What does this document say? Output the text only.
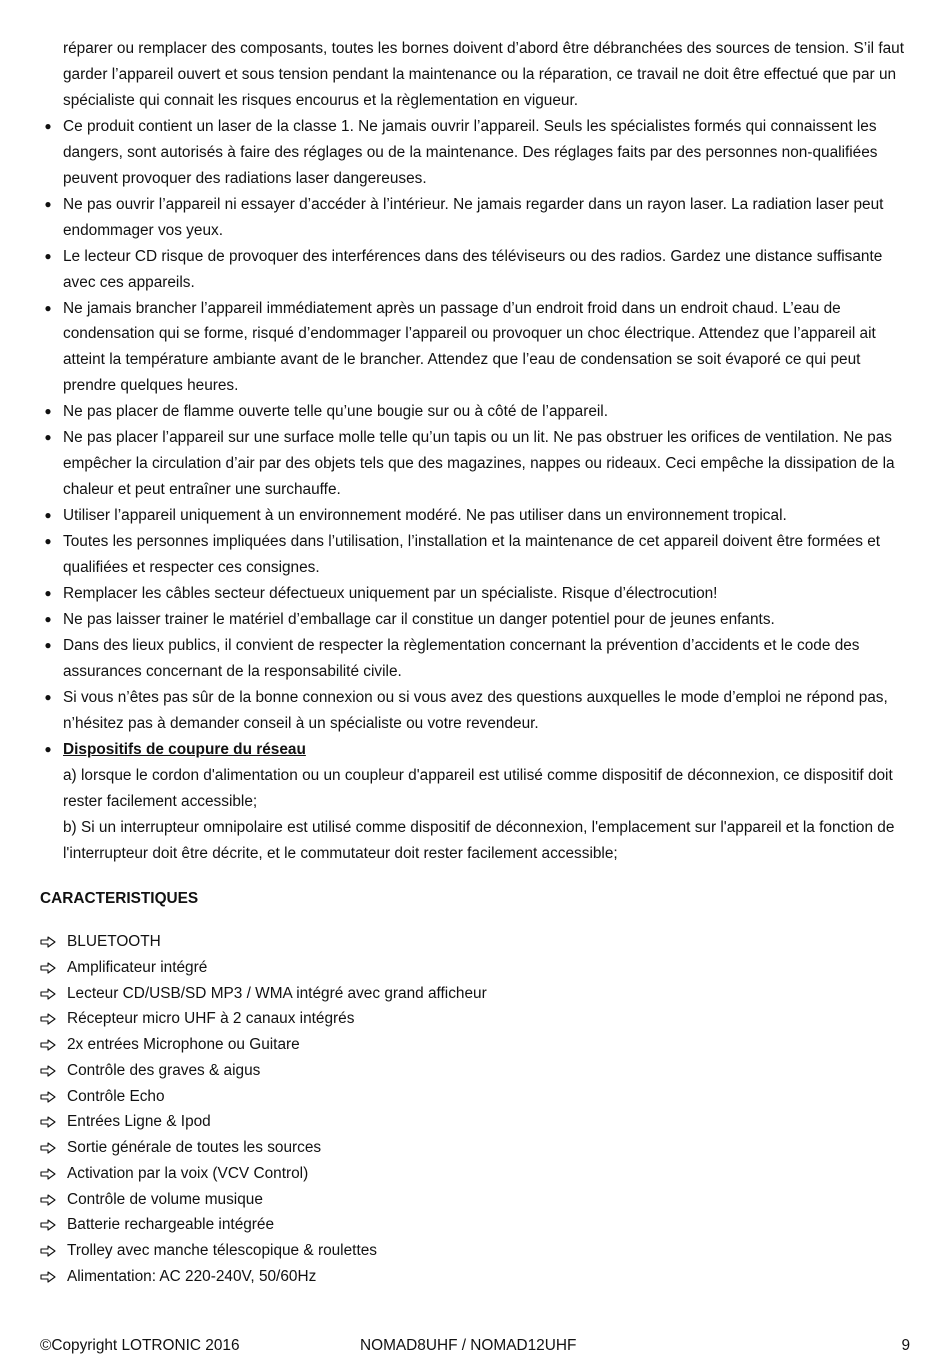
réparer ou remplacer des composants, toutes les bornes doivent d’abord être débranchées des sources de tension. S’il faut garder l’appareil ouvert et sous tension pendant la maintenance ou la réparation, ce travail ne doit être effectué que par un spécialiste qui connait les risques encourus et la règlementation en vigueur.
● Ce produit contient un laser de la classe 1. Ne jamais ouvrir l’appareil. Seuls les spécialistes formés qui connaissent les dangers, sont autorisés à faire des réglages ou de la maintenance. Des réglages faits par des personnes non-qualifiées peuvent provoquer des radiations laser dangereuses.
● Ne pas ouvrir l’appareil ni essayer d’accéder à l’intérieur. Ne jamais regarder dans un rayon laser. La radiation laser peut endommager vos yeux.
● Le lecteur CD risque de provoquer des interférences dans des téléviseurs ou des radios. Gardez une distance suffisante avec ces appareils.
● Ne jamais brancher l’appareil immédiatement après un passage d’un endroit froid dans un endroit chaud. L’eau de condensation qui se forme, risqué d’endommager l’appareil ou provoquer un choc électrique. Attendez que l’appareil ait atteint la température ambiante avant de le brancher. Attendez que l’eau de condensation se soit évaporé ce qui peut prendre quelques heures.
● Ne pas placer de flamme ouverte telle qu’une bougie sur ou à côté de l’appareil.
● Ne pas placer l’appareil sur une surface molle telle qu’un tapis ou un lit. Ne pas obstruer les orifices de ventilation. Ne pas empêcher la circulation d’air par des objets tels que des magazines, nappes ou rideaux. Ceci empêche la dissipation de la chaleur et peut entraîner une surchauffe.
● Utiliser l’appareil uniquement à un environnement modéré. Ne pas utiliser dans un environnement tropical.
● Toutes les personnes impliquées dans l’utilisation, l’installation et la maintenance de cet appareil doivent être formées et qualifiées et respecter ces consignes.
● Remplacer les câbles secteur défectueux uniquement par un spécialiste. Risque d’électrocution!
● Ne pas laisser trainer le matériel d’emballage car il constitue un danger potentiel pour de jeunes enfants.
● Dans des lieux publics, il convient de respecter la règlementation concernant la prévention d’accidents et le code des assurances concernant de la responsabilité civile.
● Si vous n’êtes pas sûr de la bonne connexion ou si vous avez des questions auxquelles le mode d’emploi ne répond pas, n’hésitez pas à demander conseil à un spécialiste ou votre revendeur.
● Dispositifs de coupure du réseau
a) lorsque le cordon d'alimentation ou un coupleur d'appareil est utilisé comme dispositif de déconnexion, ce dispositif doit rester facilement accessible;
b) Si un interrupteur omnipolaire est utilisé comme dispositif de déconnexion, l'emplacement sur l'appareil et la fonction de l'interrupteur doit être décrite, et le commutateur doit rester facilement accessible;
CARACTERISTIQUES
BLUETOOTH
Amplificateur intégré
Lecteur CD/USB/SD MP3 / WMA intégré avec grand afficheur
Récepteur micro UHF à 2 canaux intégrés
2x entrées Microphone ou Guitare
Contrôle des graves & aigus
Contrôle Echo
Entrées Ligne & Ipod
Sortie générale de toutes les sources
Activation par la voix (VCV Control)
Contrôle de volume musique
Batterie rechargeable intégrée
Trolley avec manche télescopique & roulettes
Alimentation: AC 220-240V, 50/60Hz
©Copyright LOTRONIC 2016	NOMAD8UHF / NOMAD12UHF	9
